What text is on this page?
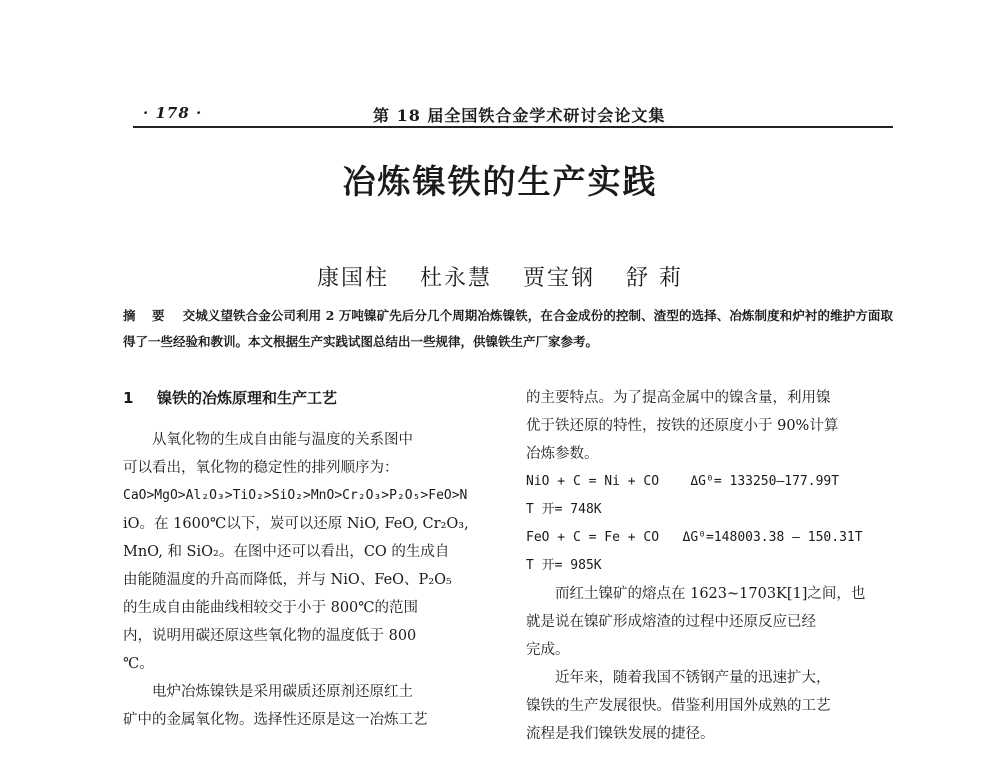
· 178 ·	第 18 届全国铁合金学术研讨会论文集
冶炼镍铁的生产实践
康国柱 杜永慧 贾宝钢 舒 莉
摘 要 交城义望铁合金公司利用 2 万吨镍矿先后分几个周期冶炼镍铁，在合金成份的控制、渣型的选择、冶炼制度和炉衬的维护方面取得了一些经验和教训。本文根据生产实践试图总结出一些规律，供镍铁生产厂家参考。
1 镍铁的冶炼原理和生产工艺
从氧化物的生成自由能与温度的关系图中
可以看出，氧化物的稳定性的排列顺序为：
CaO>MgO>Al₂O₃>TiO₂>SiO₂>MnO>Cr₂O₃>P₂O₅>FeO>N
iO。在 1600℃以下，炭可以还原 NiO, FeO, Cr₂O₃,
MnO, 和 SiO₂。在图中还可以看出，CO 的生成自
由能随温度的升高而降低，并与 NiO、FeO、P₂O₅
的生成自由能曲线相较交于小于 800℃的范围
内，说明用碳还原这些氧化物的温度低于 800
℃。
电炉冶炼镍铁是采用碳质还原剂还原红土
矿中的金属氧化物。选择性还原是这一冶炼工艺
的主要特点。为了提高金属中的镍含量，利用镍
优于铁还原的特性，按铁的还原度小于 90%计算
冶炼参数。
NiO + C = Ni + CO    ΔG⁰= 133250—177.99T
T 开= 748K
FeO + C = Fe + CO   ΔG⁰=148003.38 — 150.31T
T 开= 985K
而红土镍矿的熔点在 1623~1703K[1]之间，也
就是说在镍矿形成熔渣的过程中还原反应已经
完成。
近年来，随着我国不锈钢产量的迅速扩大，
镍铁的生产发展很快。借鉴利用国外成熟的工艺
流程是我们镍铁发展的捷径。
